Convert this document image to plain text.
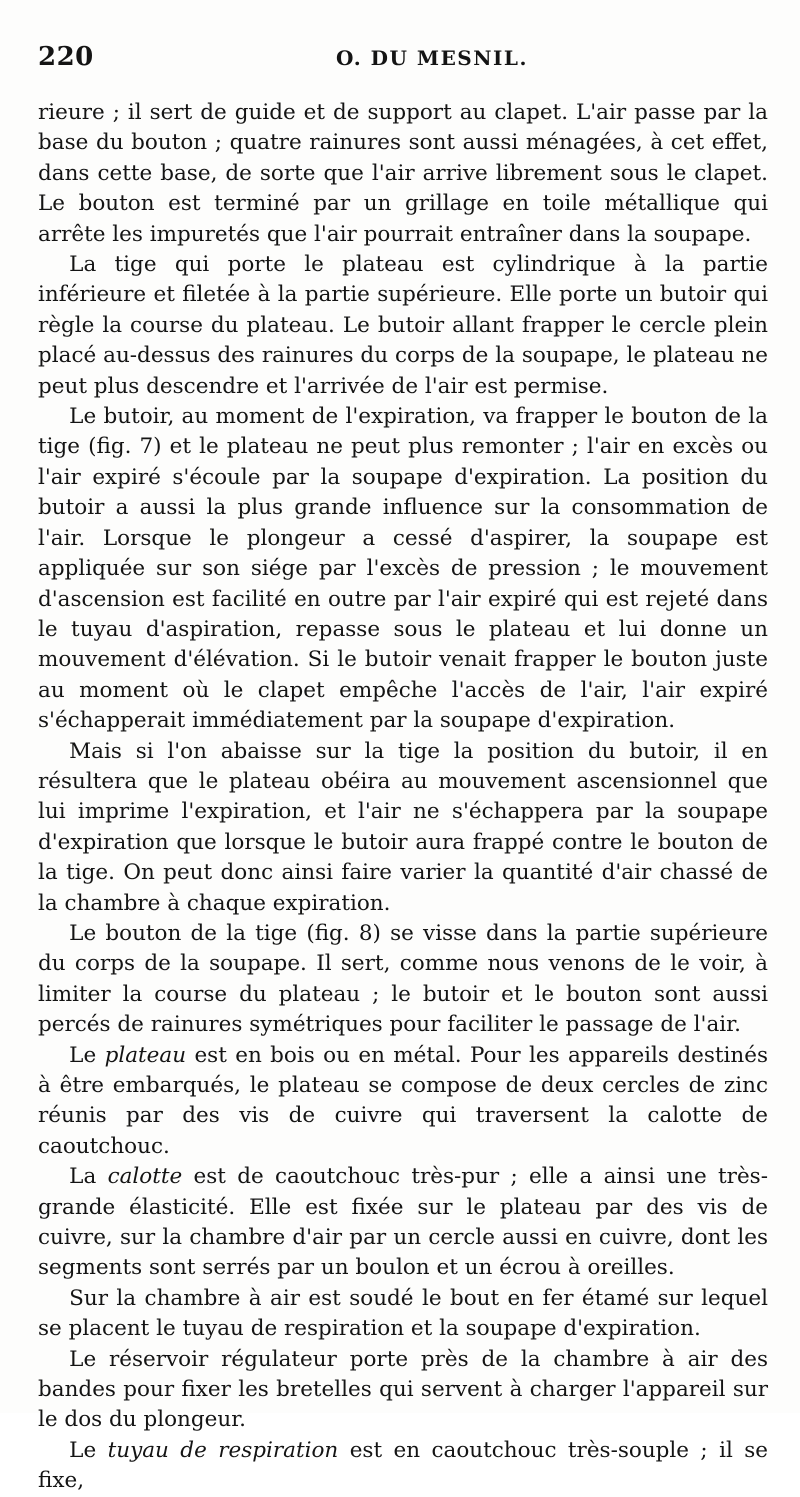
220	O. DU MESNIL.

rieure ; il sert de guide et de support au clapet. L'air passe par la base du bouton ; quatre rainures sont aussi ménagées, à cet effet, dans cette base, de sorte que l'air arrive librement sous le clapet. Le bouton est terminé par un grillage en toile métallique qui arrête les impuretés que l'air pourrait entraîner dans la soupape.

La tige qui porte le plateau est cylindrique à la partie inférieure et filetée à la partie supérieure. Elle porte un butoir qui règle la course du plateau. Le butoir allant frapper le cercle plein placé au-dessus des rainures du corps de la soupape, le plateau ne peut plus descendre et l'arrivée de l'air est permise.

Le butoir, au moment de l'expiration, va frapper le bouton de la tige (fig. 7) et le plateau ne peut plus remonter ; l'air en excès ou l'air expiré s'écoule par la soupape d'expiration. La position du butoir a aussi la plus grande influence sur la consommation de l'air. Lorsque le plongeur a cessé d'aspirer, la soupape est appliquée sur son siége par l'excès de pression ; le mouvement d'ascension est facilité en outre par l'air expiré qui est rejeté dans le tuyau d'aspiration, repasse sous le plateau et lui donne un mouvement d'élévation. Si le butoir venait frapper le bouton juste au moment où le clapet empêche l'accès de l'air, l'air expiré s'échapperait immédiatement par la soupape d'expiration.

Mais si l'on abaisse sur la tige la position du butoir, il en résultera que le plateau obéira au mouvement ascensionnel que lui imprime l'expiration, et l'air ne s'échappera par la soupape d'expiration que lorsque le butoir aura frappé contre le bouton de la tige. On peut donc ainsi faire varier la quantité d'air chassé de la chambre à chaque expiration.

Le bouton de la tige (fig. 8) se visse dans la partie supérieure du corps de la soupape. Il sert, comme nous venons de le voir, à limiter la course du plateau ; le butoir et le bouton sont aussi percés de rainures symétriques pour faciliter le passage de l'air.

Le plateau est en bois ou en métal. Pour les appareils destinés à être embarqués, le plateau se compose de deux cercles de zinc réunis par des vis de cuivre qui traversent la calotte de caoutchouc.

La calotte est de caoutchouc très-pur ; elle a ainsi une très-grande élasticité. Elle est fixée sur le plateau par des vis de cuivre, sur la chambre d'air par un cercle aussi en cuivre, dont les segments sont serrés par un boulon et un écrou à oreilles.

Sur la chambre à air est soudé le bout en fer étamé sur lequel se placent le tuyau de respiration et la soupape d'expiration.

Le réservoir régulateur porte près de la chambre à air des bandes pour fixer les bretelles qui servent à charger l'appareil sur le dos du plongeur.

Le tuyau de respiration est en caoutchouc très-souple ; il se fixe,
